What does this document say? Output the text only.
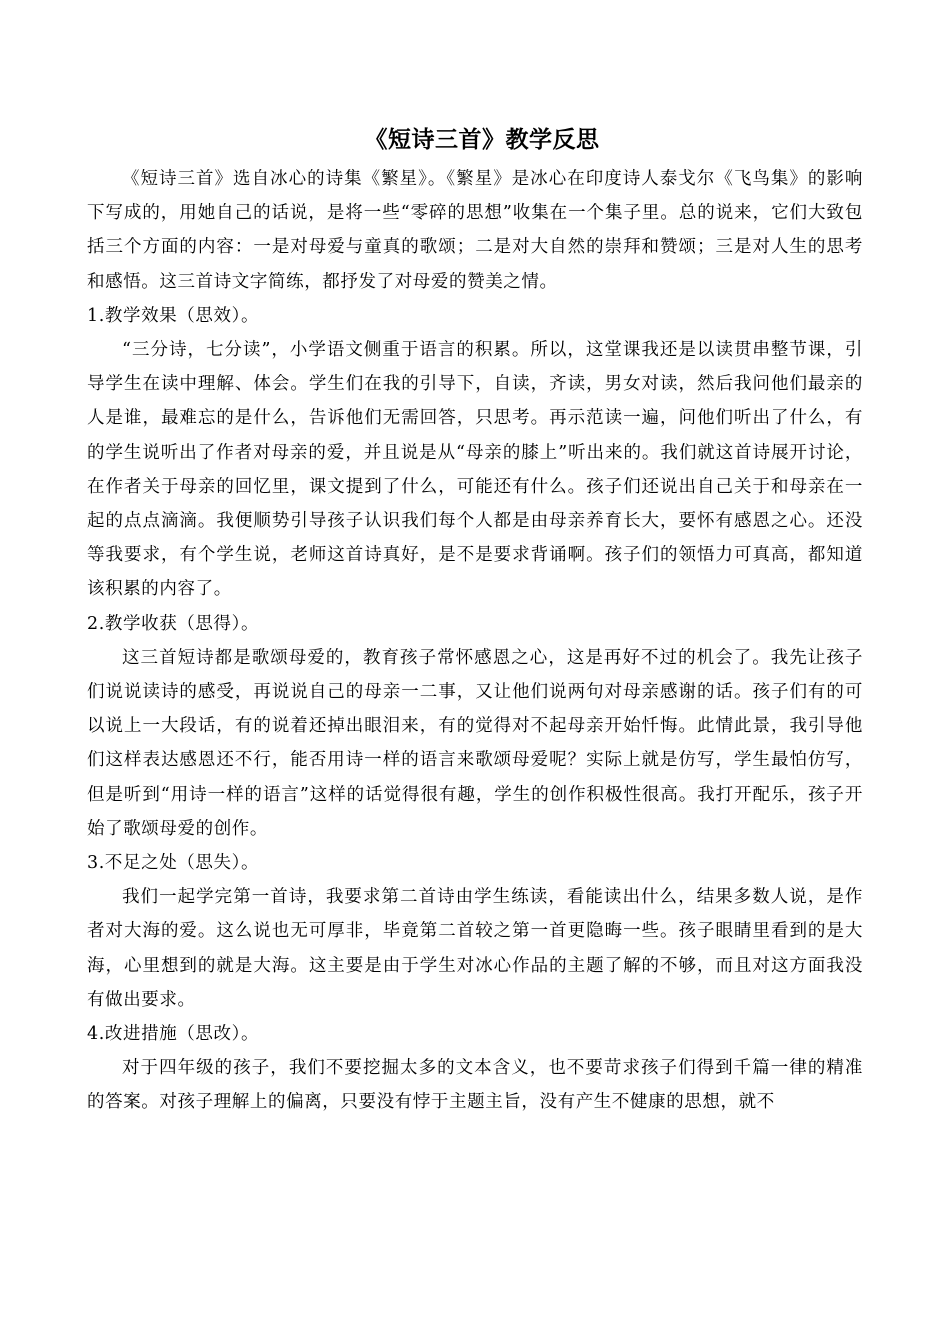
《短诗三首》教学反思

《短诗三首》选自冰心的诗集《繁星》。《繁星》是冰心在印度诗人泰戈尔《飞鸟集》的影响下写成的，用她自己的话说，是将一些“零碎的思想”收集在一个集子里。总的说来，它们大致包括三个方面的内容：一是对母爱与童真的歌颂；二是对大自然的崇拜和赞颂；三是对人生的思考和感悟。这三首诗文字简练，都抒发了对母爱的赞美之情。

1.教学效果（思效）。

“三分诗，七分读”，小学语文侧重于语言的积累。所以，这堂课我还是以读贯串整节课，引导学生在读中理解、体会。学生们在我的引导下，自读，齐读，男女对读，然后我问他们最亲的人是谁，最难忘的是什么，告诉他们无需回答，只思考。再示范读一遍，问他们听出了什么，有的学生说听出了作者对母亲的爱，并且说是从“母亲的膝上”听出来的。我们就这首诗展开讨论，在作者关于母亲的回忆里，课文提到了什么，可能还有什么。孩子们还说出自己关于和母亲在一起的点点滴滴。我便顺势引导孩子认识我们每个人都是由母亲养育长大，要怀有感恩之心。还没等我要求，有个学生说，老师这首诗真好，是不是要求背诵啊。孩子们的领悟力可真高，都知道该积累的内容了。

2.教学收获（思得）。

这三首短诗都是歌颂母爱的，教育孩子常怀感恩之心，这是再好不过的机会了。我先让孩子们说说读诗的感受，再说说自己的母亲一二事，又让他们说两句对母亲感谢的话。孩子们有的可以说上一大段话，有的说着还掉出眼泪来，有的觉得对不起母亲开始忏悔。此情此景，我引导他们这样表达感恩还不行，能否用诗一样的语言来歌颂母爱呢？实际上就是仿写，学生最怕仿写，但是听到“用诗一样的语言”这样的话觉得很有趣，学生的创作积极性很高。我打开配乐，孩子开始了歌颂母爱的创作。

3.不足之处（思失）。

我们一起学完第一首诗，我要求第二首诗由学生练读，看能读出什么，结果多数人说，是作者对大海的爱。这么说也无可厚非，毕竟第二首较之第一首更隐晦一些。孩子眼睛里看到的是大海，心里想到的就是大海。这主要是由于学生对冰心作品的主题了解的不够，而且对这方面我没有做出要求。

4.改进措施（思改）。

对于四年级的孩子，我们不要挖掘太多的文本含义，也不要苛求孩子们得到千篇一律的精准的答案。对孩子理解上的偏离，只要没有悖于主题主旨，没有产生不健康的思想，就不
